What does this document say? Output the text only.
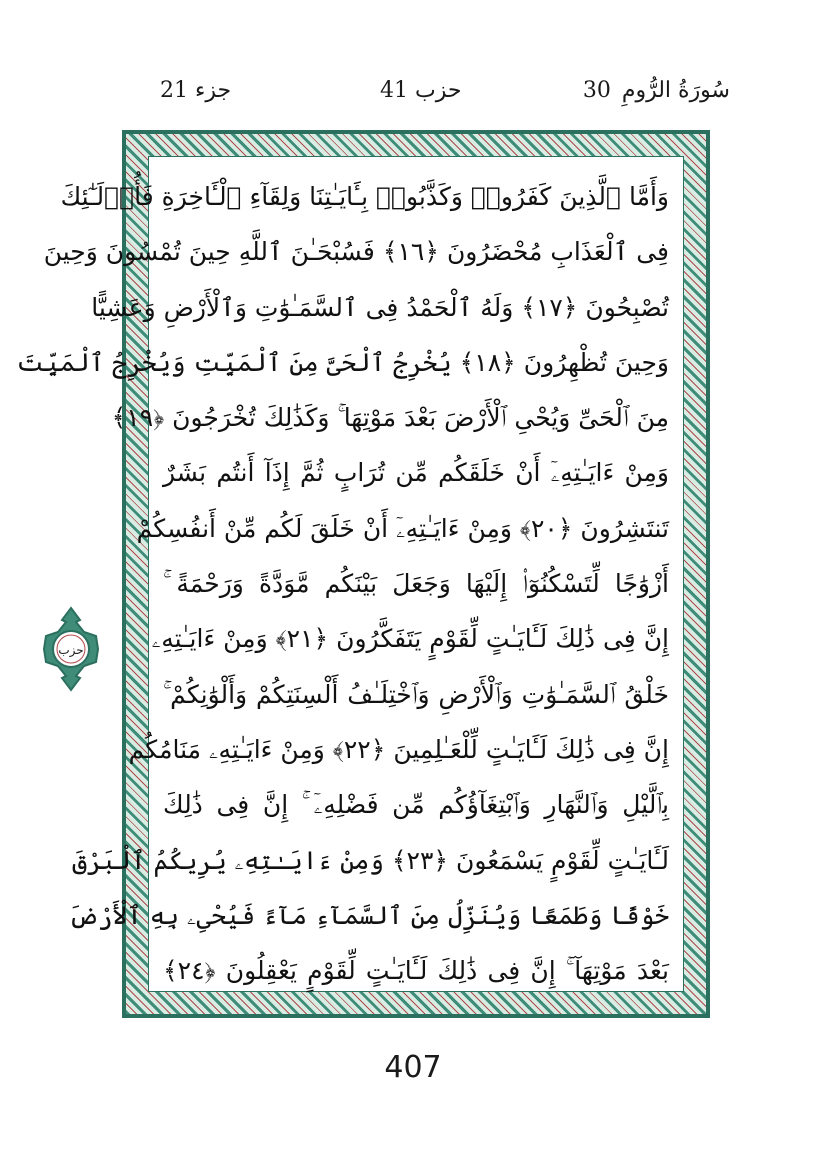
جزء 21	حزب 41	30 سُورَةُ الرُّومِ
وَأَمَّا ٱلَّذِينَ كَفَرُوا۟ وَكَذَّبُوا۟ بِـَٔايَـٰتِنَا وَلِقَآءِ ٱلْـَٔاخِرَةِ فَأُو۟لَـٰٓئِكَ
فِى ٱلْعَذَابِ مُحْضَرُونَ ﴿١٦﴾ فَسُبْحَـٰنَ ٱللَّهِ حِينَ تُمْسُونَ وَحِينَ
تُصْبِحُونَ ﴿١٧﴾ وَلَهُ ٱلْحَمْدُ فِى ٱلسَّمَـٰوَٰتِ وَٱلْأَرْضِ وَعَشِيًّا
وَحِينَ تُظْهِرُونَ ﴿١٨﴾ يُخْرِجُ ٱلْحَىَّ مِنَ ٱلْمَيِّتِ وَيُخْرِجُ ٱلْمَيِّتَ
مِنَ ٱلْحَىِّ وَيُحْىِ ٱلْأَرْضَ بَعْدَ مَوْتِهَا ۚ وَكَذَٰلِكَ تُخْرَجُونَ ﴿١٩﴾
وَمِنْ ءَايَـٰتِهِۦٓ أَنْ خَلَقَكُم مِّن تُرَابٍ ثُمَّ إِذَآ أَنتُم بَشَرٌ
تَنتَشِرُونَ ﴿٢٠﴾ وَمِنْ ءَايَـٰتِهِۦٓ أَنْ خَلَقَ لَكُم مِّنْ أَنفُسِكُمْ
أَزْوَٰجًا لِّتَسْكُنُوٓا۟ إِلَيْهَا وَجَعَلَ بَيْنَكُم مَّوَدَّةً وَرَحْمَةً ۚ
إِنَّ فِى ذَٰلِكَ لَـَٔايَـٰتٍ لِّقَوْمٍ يَتَفَكَّرُونَ ﴿٢١﴾ وَمِنْ ءَايَـٰتِهِۦ
خَلْقُ ٱلسَّمَـٰوَٰتِ وَٱلْأَرْضِ وَٱخْتِلَـٰفُ أَلْسِنَتِكُمْ وَأَلْوَٰنِكُمْ ۚ
إِنَّ فِى ذَٰلِكَ لَـَٔايَـٰتٍ لِّلْعَـٰلِمِينَ ﴿٢٢﴾ وَمِنْ ءَايَـٰتِهِۦ مَنَامُكُم
بِٱلَّيْلِ وَٱلنَّهَارِ وَٱبْتِغَآؤُكُم مِّن فَضْلِهِۦٓ ۚ إِنَّ فِى ذَٰلِكَ
لَـَٔايَـٰتٍ لِّقَوْمٍ يَسْمَعُونَ ﴿٢٣﴾ وَمِنْ ءَايَـٰتِهِۦ يُرِيكُمُ ٱلْبَرْقَ
خَوْفًا وَطَمَعًا وَيُنَزِّلُ مِنَ ٱلسَّمَآءِ مَآءً فَيُحْىِۦ بِهِ ٱلْأَرْضَ
بَعْدَ مَوْتِهَآ ۚ إِنَّ فِى ذَٰلِكَ لَـَٔايَـٰتٍ لِّقَوْمٍ يَعْقِلُونَ ﴿٢٤﴾
حزب
407
